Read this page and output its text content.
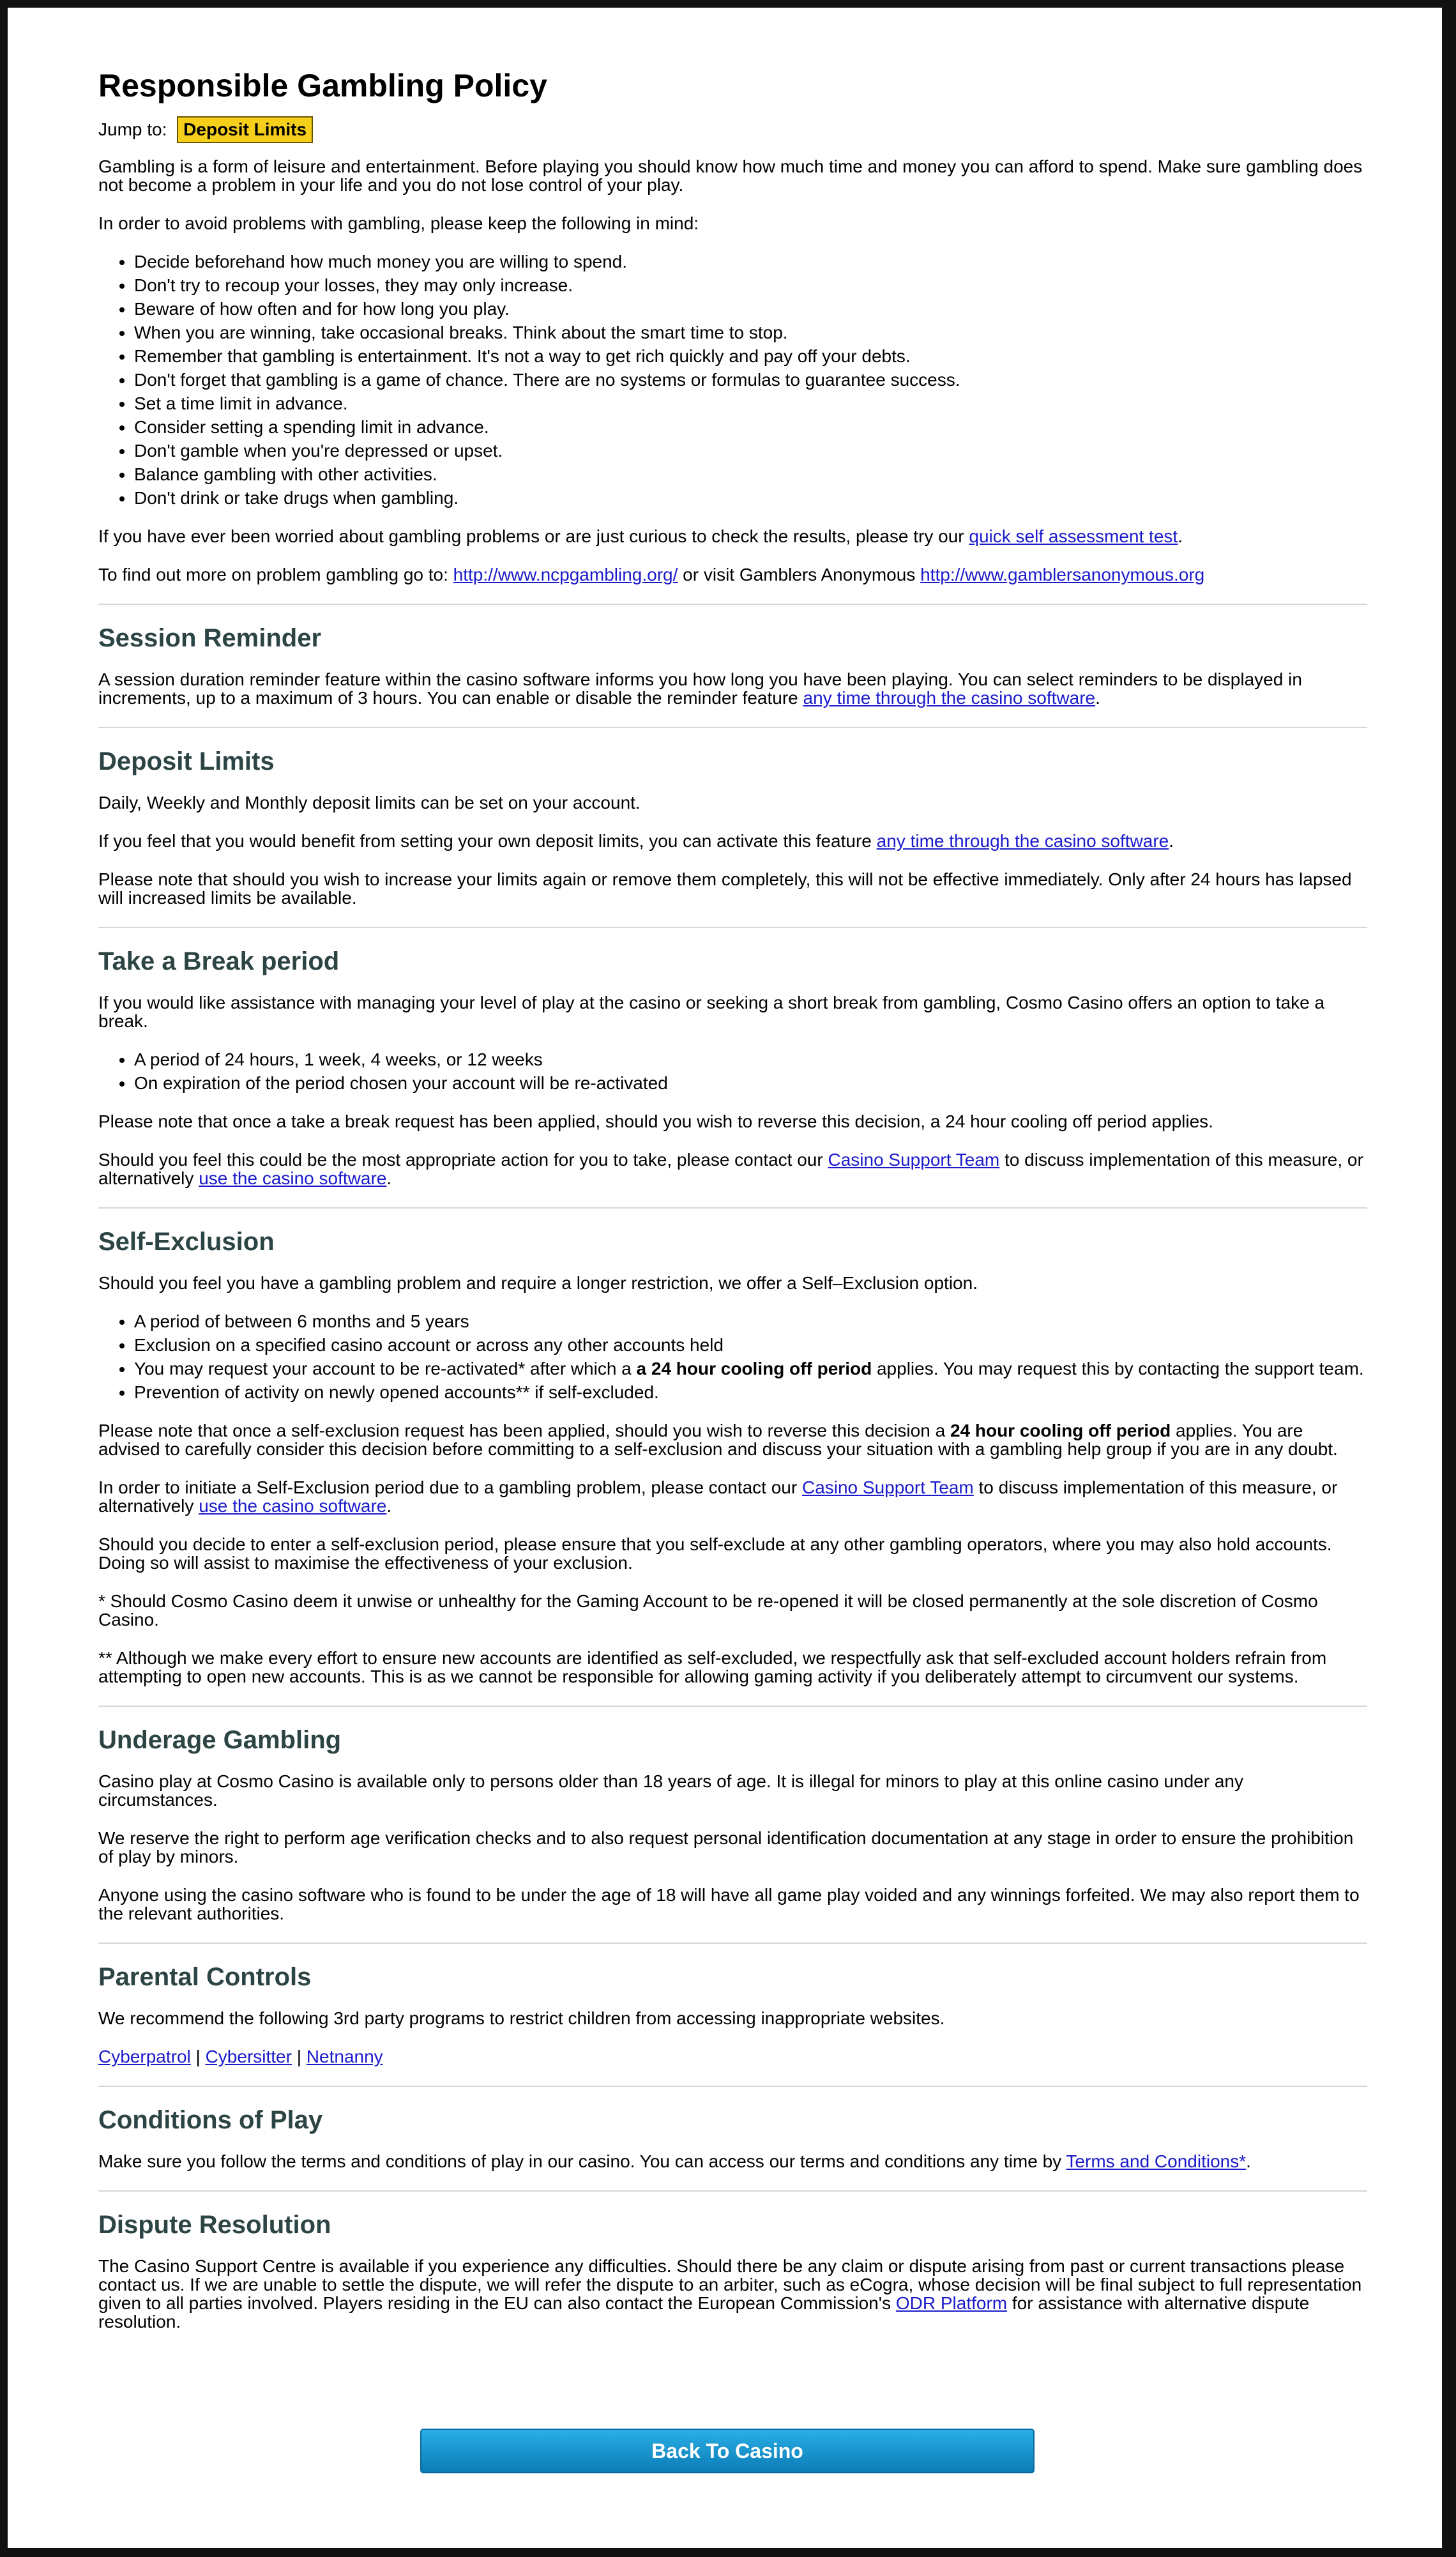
Responsible Gambling Policy
Jump to: Deposit Limits

Gambling is a form of leisure and entertainment. Before playing you should know how much time and money you can afford to spend. Make sure gambling does not become a problem in your life and you do not lose control of your play.

In order to avoid problems with gambling, please keep the following in mind:

• Decide beforehand how much money you are willing to spend.
• Don't try to recoup your losses, they may only increase.
• Beware of how often and for how long you play.
• When you are winning, take occasional breaks. Think about the smart time to stop.
• Remember that gambling is entertainment. It's not a way to get rich quickly and pay off your debts.
• Don't forget that gambling is a game of chance. There are no systems or formulas to guarantee success.
• Set a time limit in advance.
• Consider setting a spending limit in advance.
• Don't gamble when you're depressed or upset.
• Balance gambling with other activities.
• Don't drink or take drugs when gambling.

If you have ever been worried about gambling problems or are just curious to check the results, please try our quick self assessment test.

To find out more on problem gambling go to: http://www.ncpgambling.org/ or visit Gamblers Anonymous http://www.gamblersanonymous.org

Session Reminder

A session duration reminder feature within the casino software informs you how long you have been playing. You can select reminders to be displayed in increments, up to a maximum of 3 hours. You can enable or disable the reminder feature any time through the casino software.

Deposit Limits

Daily, Weekly and Monthly deposit limits can be set on your account.

If you feel that you would benefit from setting your own deposit limits, you can activate this feature any time through the casino software.

Please note that should you wish to increase your limits again or remove them completely, this will not be effective immediately. Only after 24 hours has lapsed will increased limits be available.

Take a Break period

If you would like assistance with managing your level of play at the casino or seeking a short break from gambling, Cosmo Casino offers an option to take a break.

• A period of 24 hours, 1 week, 4 weeks, or 12 weeks
• On expiration of the period chosen your account will be re-activated

Please note that once a take a break request has been applied, should you wish to reverse this decision, a 24 hour cooling off period applies.

Should you feel this could be the most appropriate action for you to take, please contact our Casino Support Team to discuss implementation of this measure, or alternatively use the casino software.

Self-Exclusion

Should you feel you have a gambling problem and require a longer restriction, we offer a Self–Exclusion option.

• A period of between 6 months and 5 years
• Exclusion on a specified casino account or across any other accounts held
• You may request your account to be re-activated* after which a a 24 hour cooling off period applies. You may request this by contacting the support team.
• Prevention of activity on newly opened accounts** if self-excluded.

Please note that once a self-exclusion request has been applied, should you wish to reverse this decision a 24 hour cooling off period applies. You are advised to carefully consider this decision before committing to a self-exclusion and discuss your situation with a gambling help group if you are in any doubt.

In order to initiate a Self-Exclusion period due to a gambling problem, please contact our Casino Support Team to discuss implementation of this measure, or alternatively use the casino software.

Should you decide to enter a self-exclusion period, please ensure that you self-exclude at any other gambling operators, where you may also hold accounts. Doing so will assist to maximise the effectiveness of your exclusion.

* Should Cosmo Casino deem it unwise or unhealthy for the Gaming Account to be re-opened it will be closed permanently at the sole discretion of Cosmo Casino.

** Although we make every effort to ensure new accounts are identified as self-excluded, we respectfully ask that self-excluded account holders refrain from attempting to open new accounts. This is as we cannot be responsible for allowing gaming activity if you deliberately attempt to circumvent our systems.

Underage Gambling

Casino play at Cosmo Casino is available only to persons older than 18 years of age. It is illegal for minors to play at this online casino under any circumstances.

We reserve the right to perform age verification checks and to also request personal identification documentation at any stage in order to ensure the prohibition of play by minors.

Anyone using the casino software who is found to be under the age of 18 will have all game play voided and any winnings forfeited. We may also report them to the relevant authorities.

Parental Controls

We recommend the following 3rd party programs to restrict children from accessing inappropriate websites.

Cyberpatrol | Cybersitter | Netnanny

Conditions of Play

Make sure you follow the terms and conditions of play in our casino. You can access our terms and conditions any time by Terms and Conditions*.

Dispute Resolution

The Casino Support Centre is available if you experience any difficulties. Should there be any claim or dispute arising from past or current transactions please contact us. If we are unable to settle the dispute, we will refer the dispute to an arbiter, such as eCogra, whose decision will be final subject to full representation given to all parties involved. Players residing in the EU can also contact the European Commission's ODR Platform for assistance with alternative dispute resolution.

Back To Casino
